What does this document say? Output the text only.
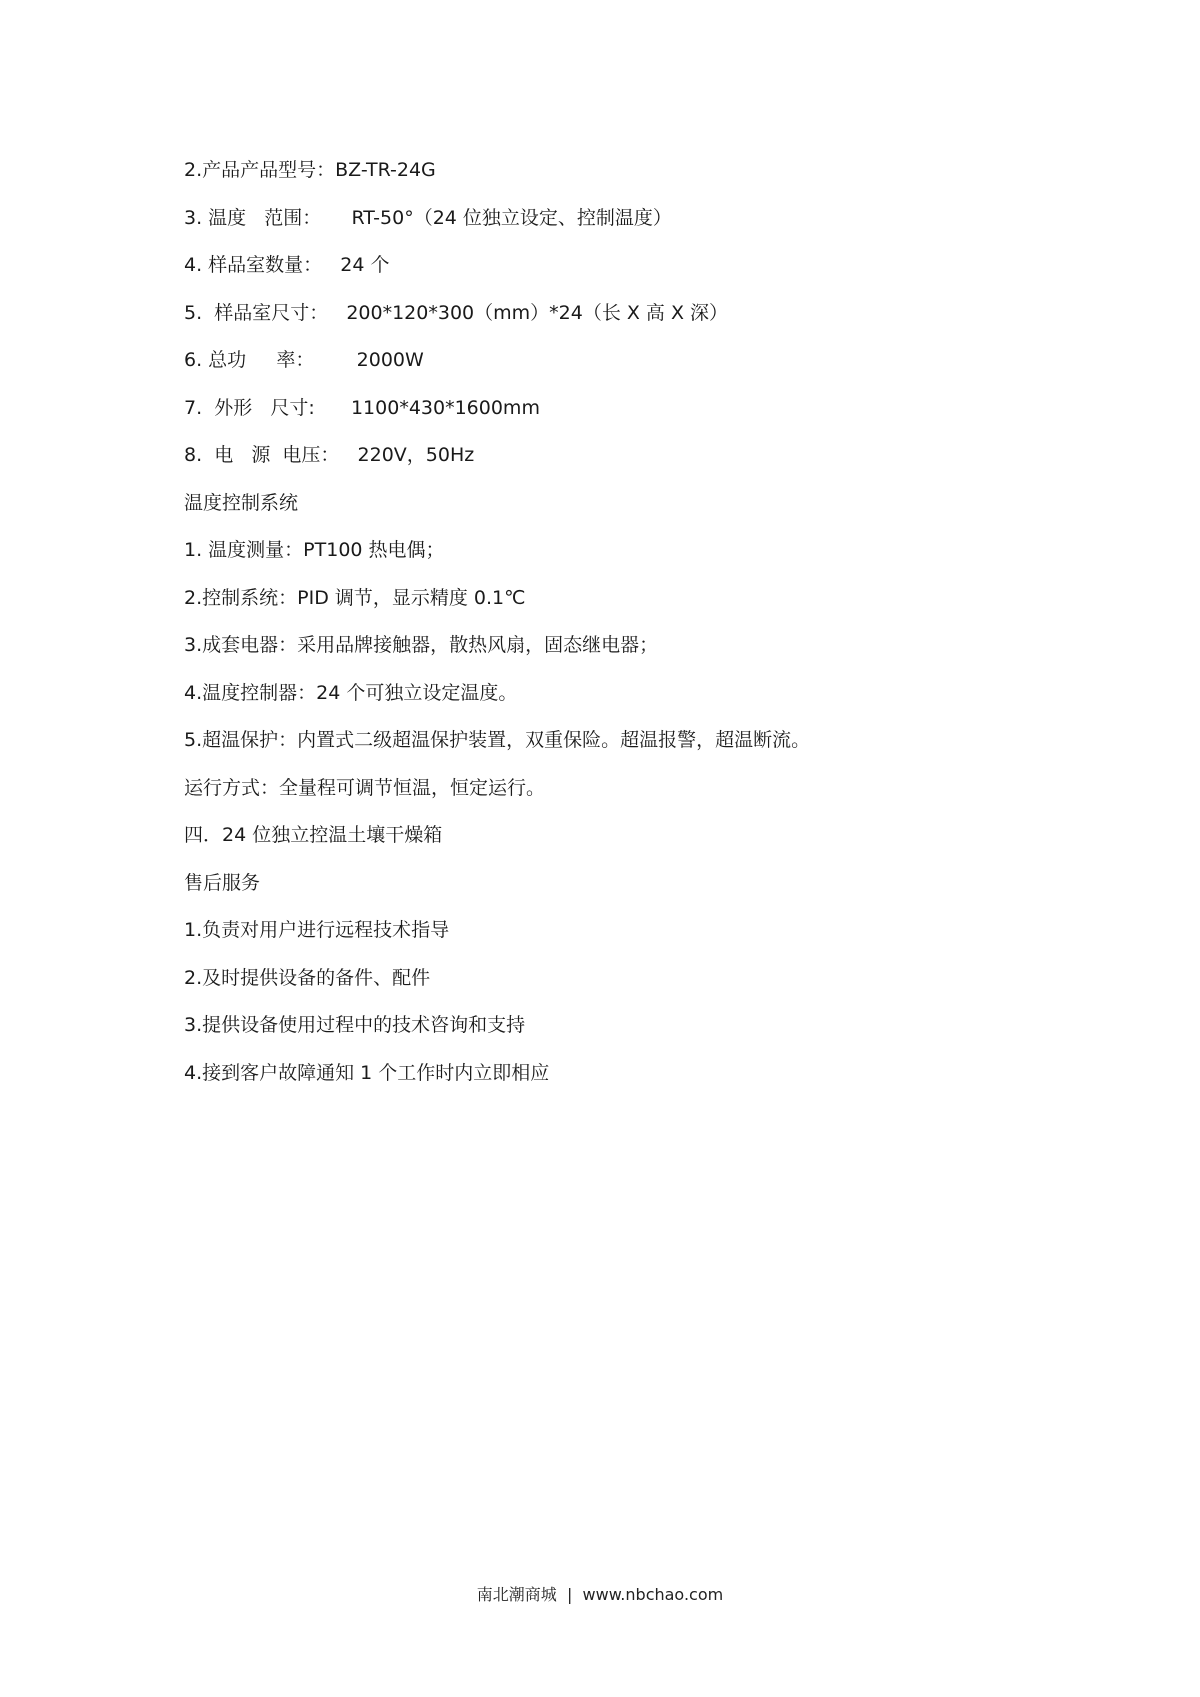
2.产品产品型号：BZ-TR-24G
3. 温度   范围：     RT-50°（24 位独立设定、控制温度）
4. 样品室数量：   24 个
5.  样品室尺寸：   200*120*300（mm）*24（长 X 高 X 深）
6. 总功     率：       2000W
7.  外形   尺寸:      1100*430*1600mm
8.  电   源  电压：   220V，50Hz
温度控制系统
1. 温度测量：PT100 热电偶；
2.控制系统：PID 调节，显示精度 0.1℃
3.成套电器：采用品牌接触器，散热风扇，固态继电器；
4.温度控制器：24 个可独立设定温度。
5.超温保护：内置式二级超温保护装置，双重保险。超温报警，超温断流。
运行方式：全量程可调节恒温，恒定运行。
四．24 位独立控温土壤干燥箱
售后服务
1.负责对用户进行远程技术指导
2.及时提供设备的备件、配件
3.提供设备使用过程中的技术咨询和支持
4.接到客户故障通知 1 个工作时内立即相应
南北潮商城  |  www.nbchao.com
